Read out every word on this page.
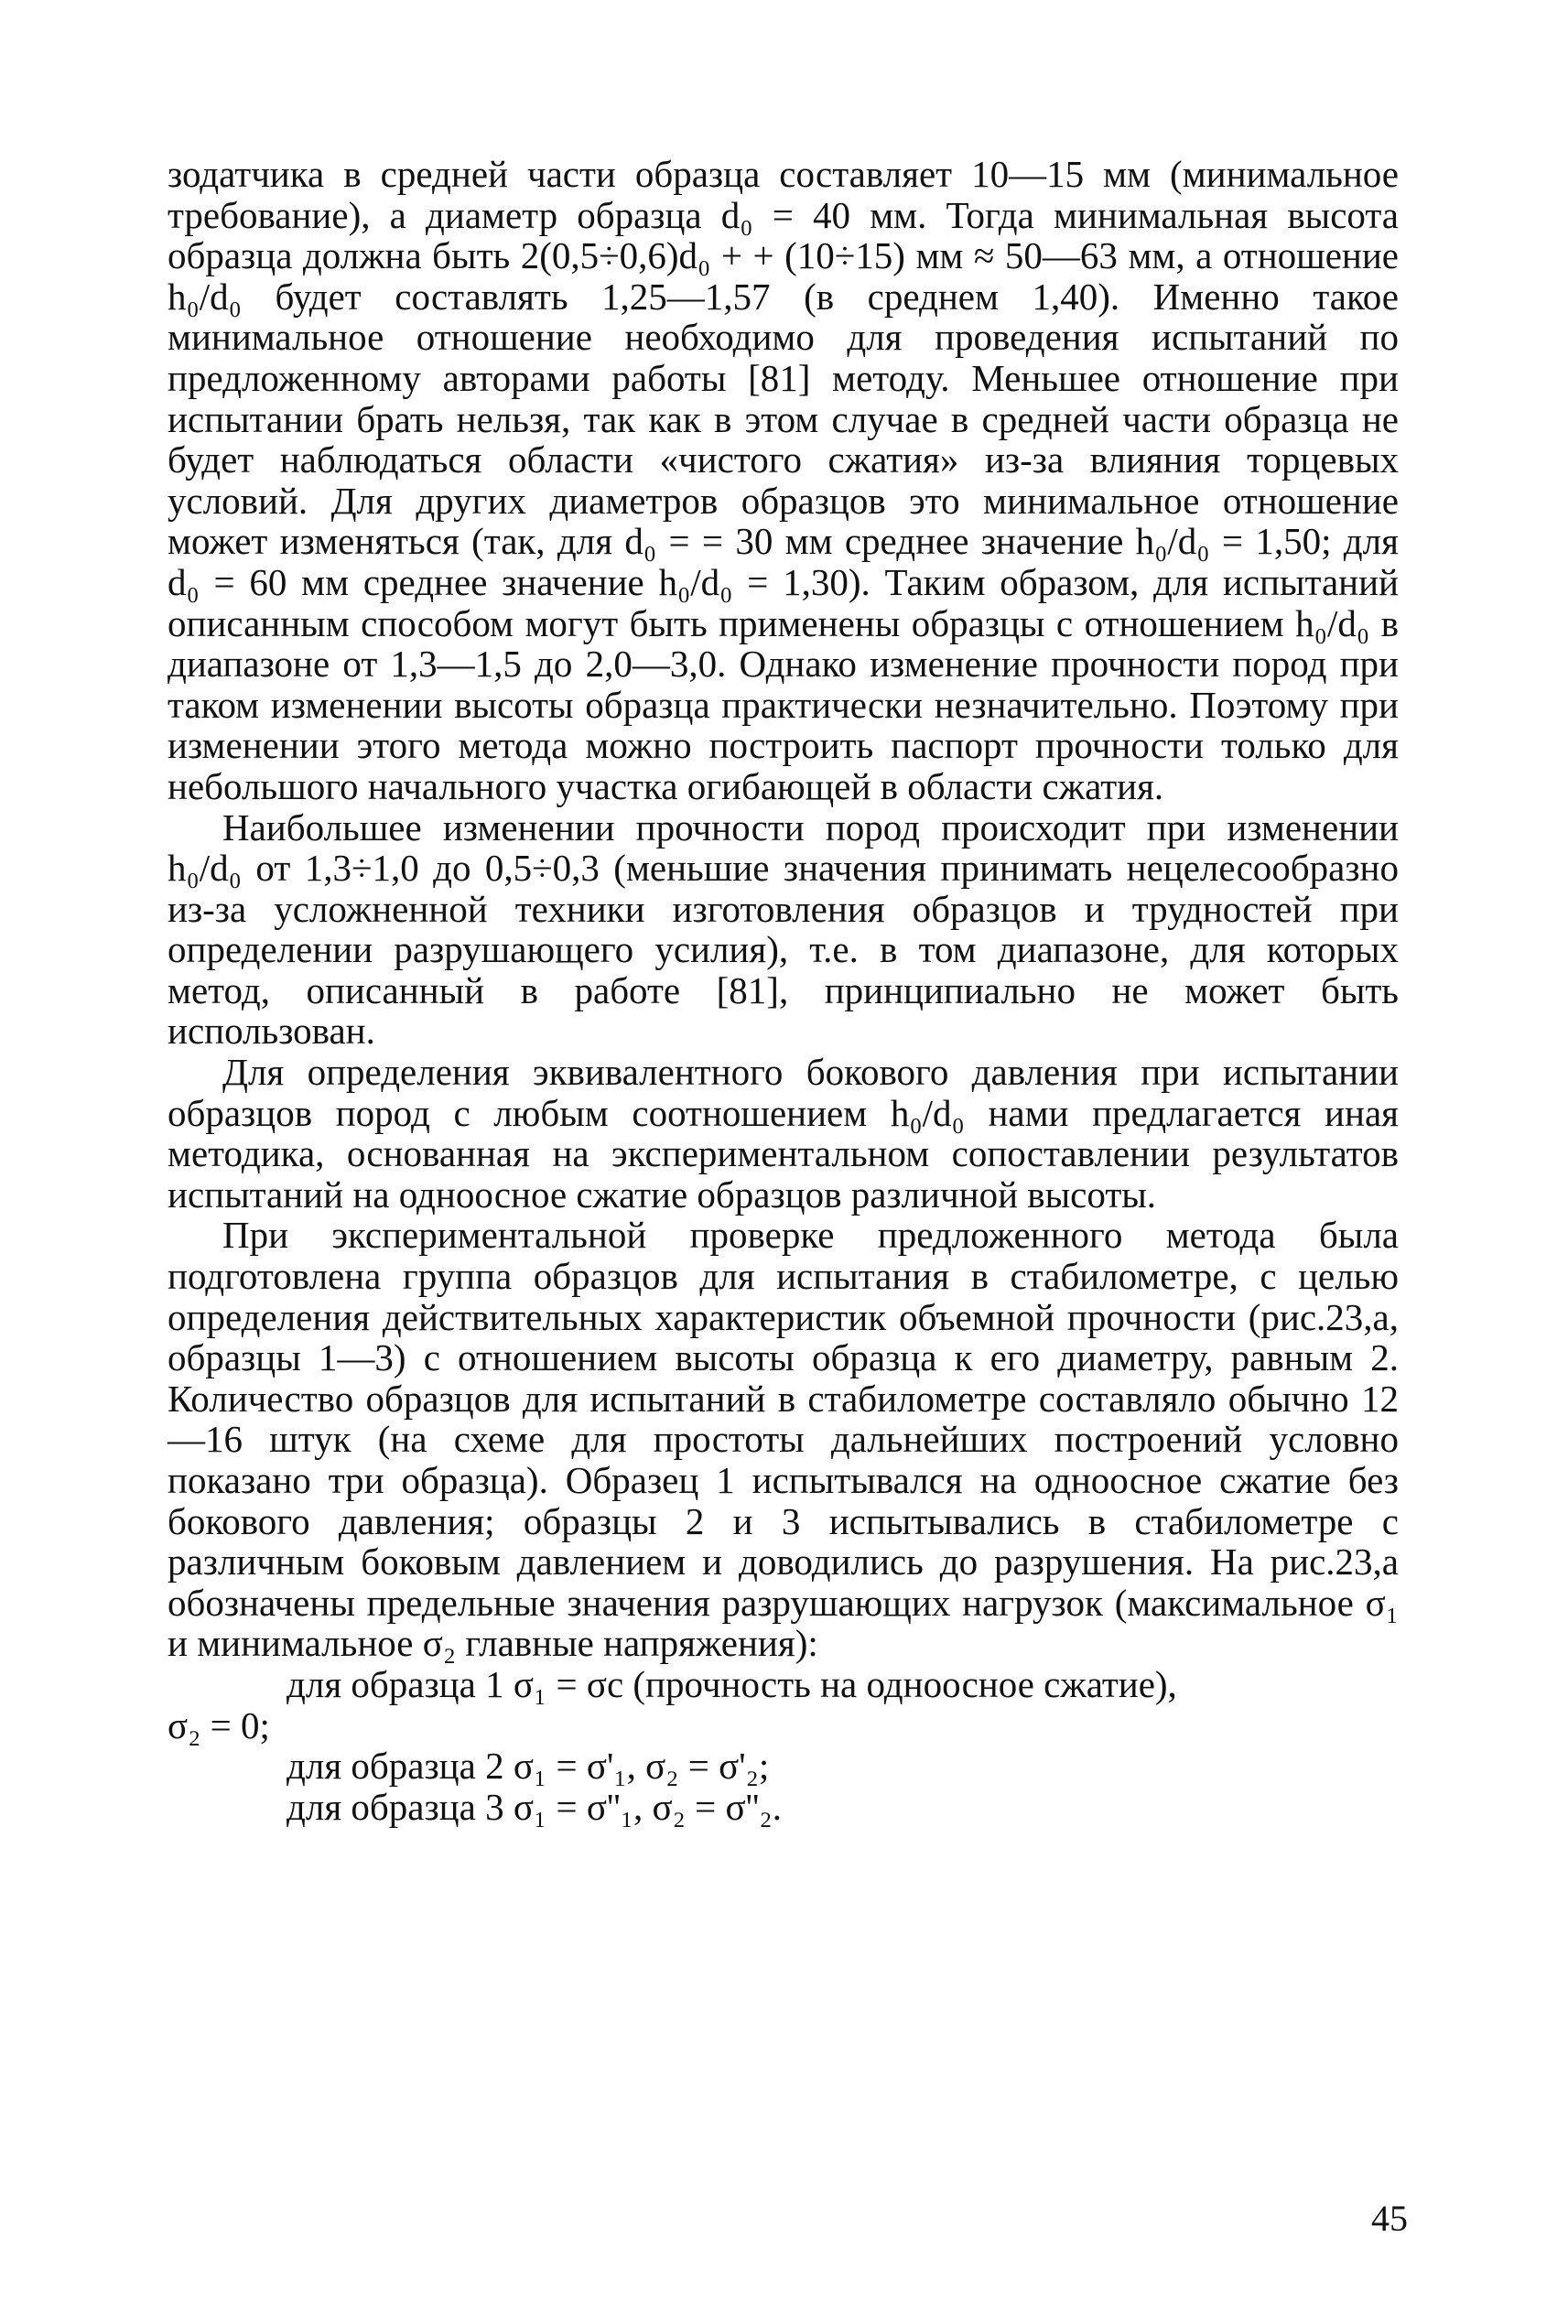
зодатчика в средней части образца составляет 10—15 мм (минимальное требование), а диаметр образца d₀ = 40 мм. Тогда минимальная высота образца должна быть 2(0,5÷0,6)d₀ + + (10÷15) мм ≈ 50—63 мм, а отношение h₀/d₀ будет составлять 1,25—1,57 (в среднем 1,40). Именно такое минимальное отношение необходимо для проведения испытаний по предложенному авторами работы [81] методу. Меньшее отношение при испытании брать нельзя, так как в этом случае в средней части образца не будет наблюдаться области «чистого сжатия» из-за влияния торцевых условий. Для других диаметров образцов это минимальное отношение может изменяться (так, для d₀ = = 30 мм среднее значение h₀/d₀ = 1,50; для d₀ = 60 мм среднее значение h₀/d₀ = 1,30). Таким образом, для испытаний описанным способом могут быть применены образцы с отношением h₀/d₀ в диапазоне от 1,3—1,5 до 2,0—3,0. Однако изменение прочности пород при таком изменении высоты образца практически незначительно. Поэтому при изменении этого метода можно построить паспорт прочности только для небольшого начального участка огибающей в области сжатия.

Наибольшее изменении прочности пород происходит при изменении h₀/d₀ от 1,3÷1,0 до 0,5÷0,3 (меньшие значения принимать нецелесообразно из-за усложненной техники изготовления образцов и трудностей при определении разрушающего усилия), т.е. в том диапазоне, для которых метод, описанный в работе [81], принципиально не может быть использован.

Для определения эквивалентного бокового давления при испытании образцов пород с любым соотношением h₀/d₀ нами предлагается иная методика, основанная на экспериментальном сопоставлении результатов испытаний на одноосное сжатие образцов различной высоты.

При экспериментальной проверке предложенного метода была подготовлена группа образцов для испытания в стабилометре, с целью определения действительных характеристик объемной прочности (рис.23,а, образцы 1—3) с отношением высоты образца к его диаметру, равным 2. Количество образцов для испытаний в стабилометре составляло обычно 12—16 штук (на схеме для простоты дальнейших построений условно показано три образца). Образец 1 испытывался на одноосное сжатие без бокового давления; образцы 2 и 3 испытывались в стабилометре с различным боковым давлением и доводились до разрушения. На рис.23,а обозначены предельные значения разрушающих нагрузок (максимальное σ₁ и минимальное σ₂ главные напряжения):

для образца 1 σ₁ = σс (прочность на одноосное сжатие),

σ₂ = 0;

для образца 2 σ₁ = σ'₁, σ₂ = σ'₂;

для образца 3 σ₁ = σ''₁, σ₂ = σ''₂.

45
